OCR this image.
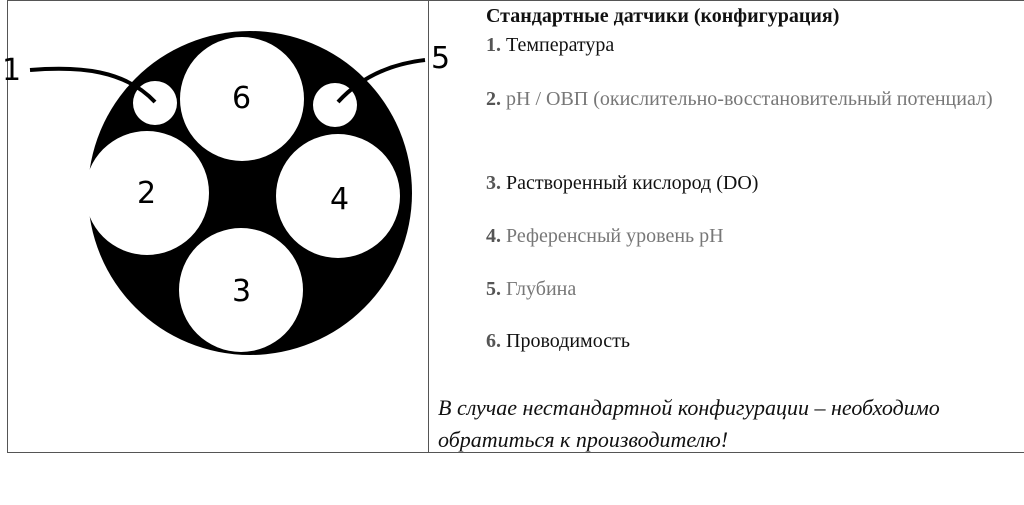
1
2
3
4
6
5
Стандартные датчики (конфигурация)
1. Температура
2. pH / ОВП (окислительно-восстановительный потенциал)
3. Растворенный кислород (DO)
4. Референсный уровень pH
5. Глубина
6. Проводимость
В случае нестандартной конфигурации – необходимо обратиться к производителю!
